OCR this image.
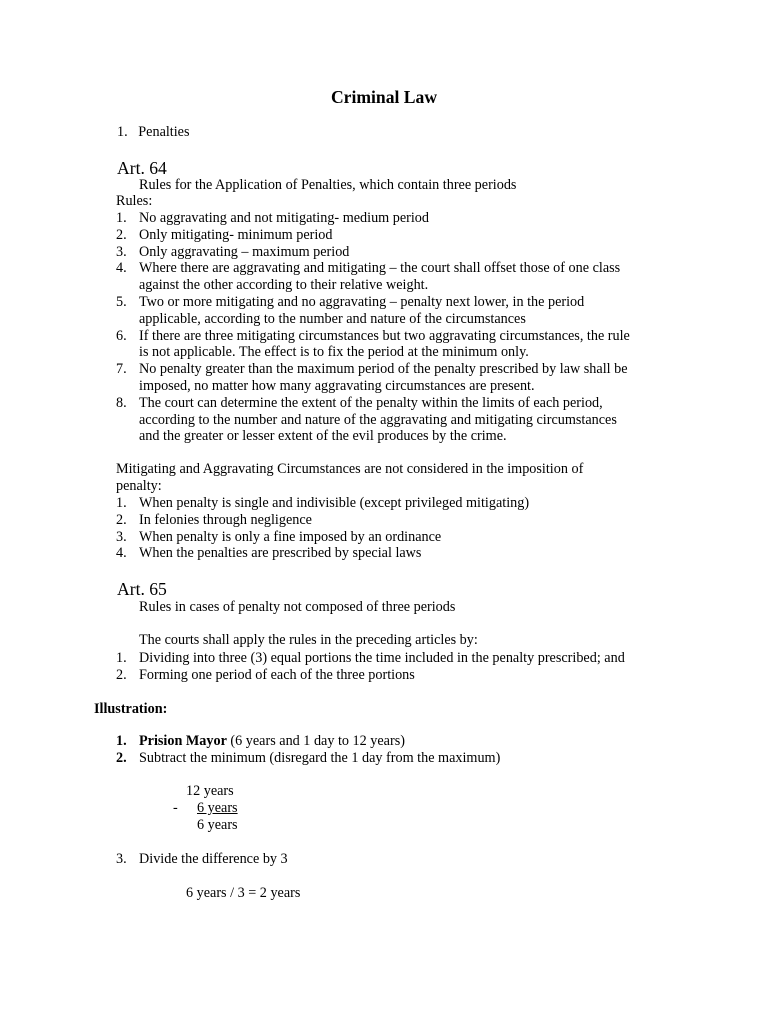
Criminal Law
1. Penalties
Art. 64
Rules for the Application of Penalties, which contain three periods
Rules:
1. No aggravating and not mitigating- medium period
2. Only mitigating- minimum period
3. Only aggravating – maximum period
4. Where there are aggravating and mitigating – the court shall offset those of one class
against the other according to their relative weight.
5. Two or more mitigating and no aggravating – penalty next lower, in the period
applicable, according to the number and nature of the circumstances
6. If there are three mitigating circumstances but two aggravating circumstances, the rule
is not applicable. The effect is to fix the period at the minimum only.
7. No penalty greater than the maximum period of the penalty prescribed by law shall be
imposed, no matter how many aggravating circumstances are present.
8. The court can determine the extent of the penalty within the limits of each period,
according to the number and nature of the aggravating and mitigating circumstances
and the greater or lesser extent of the evil produces by the crime.
Mitigating and Aggravating Circumstances are not considered in the imposition of
penalty:
1. When penalty is single and indivisible (except privileged mitigating)
2. In felonies through negligence
3. When penalty is only a fine imposed by an ordinance
4. When the penalties are prescribed by special laws
Art. 65
Rules in cases of penalty not composed of three periods
The courts shall apply the rules in the preceding articles by:
1. Dividing into three (3) equal portions the time included in the penalty prescribed; and
2. Forming one period of each of the three portions
Illustration:
1. Prision Mayor (6 years and 1 day to 12 years)
2. Subtract the minimum (disregard the 1 day from the maximum)
12 years
- 6 years
6 years
3. Divide the difference by 3
6 years / 3 = 2 years
